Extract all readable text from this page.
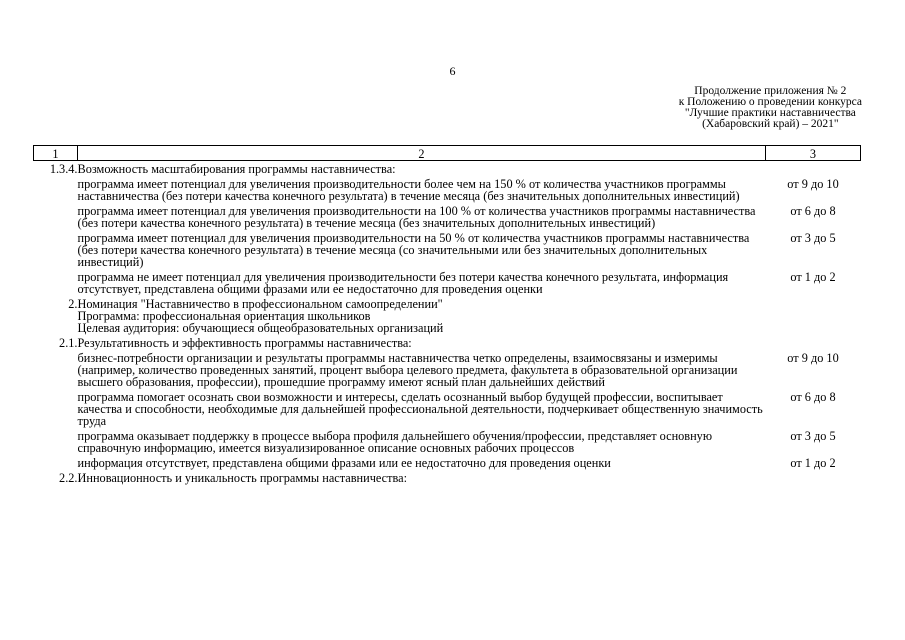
6
Продолжение приложения № 2
к Положению о проведении конкурса
"Лучшие практики наставничества
(Хабаровский край) – 2021"
1	2	3
1.3.4.	Возможность масштабирования программы наставничества:	
	программа имеет потенциал для увеличения производительности более чем на 150 % от количества участников программы наставничества (без потери качества конечного результата) в течение месяца (без значительных дополнительных инвестиций)	от 9 до 10
	программа имеет потенциал для увеличения производительности на 100 % от количества участников программы наставничества (без потери качества конечного результата) в течение месяца (без значительных дополнительных инвестиций)	от 6 до 8
	программа имеет потенциал для увеличения производительности на 50 % от количества участников программы наставничества (без потери качества конечного результата) в течение месяца (со значительными или без значительных дополнительных инвестиций)	от 3 до 5
	программа не имеет потенциал для увеличения производительности без потери качества конечного результата, информация отсутствует, представлена общими фразами или ее недостаточно для проведения оценки	от 1 до 2
2.	Номинация "Наставничество в профессиональном самоопределении"
Программа: профессиональная ориентация школьников
Целевая аудитория: обучающиеся общеобразовательных организаций	

2.1.	Результативность и эффективность программы наставничества:	
	бизнес-потребности организации и результаты программы наставничества четко определены, взаимосвязаны и измеримы (например, количество проведенных занятий, процент выбора целевого предмета, факультета в образовательной организации высшего образования, профессии), прошедшие программу имеют ясный план дальнейших действий	от 9 до 10
	программа помогает осознать свои возможности и интересы, сделать осознанный выбор будущей профессии, воспитывает качества и способности, необходимые для дальнейшей профессиональной деятельности, подчеркивает общественную значимость труда	от 6 до 8
	программа оказывает поддержку в процессе выбора профиля дальнейшего обучения/профессии, представляет основную справочную информацию, имеется визуализированное описание основных рабочих процессов	от 3 до 5
	информация отсутствует, представлена общими фразами или ее недостаточно для проведения оценки	от 1 до 2
2.2.	Инновационность и уникальность программы наставничества:	
